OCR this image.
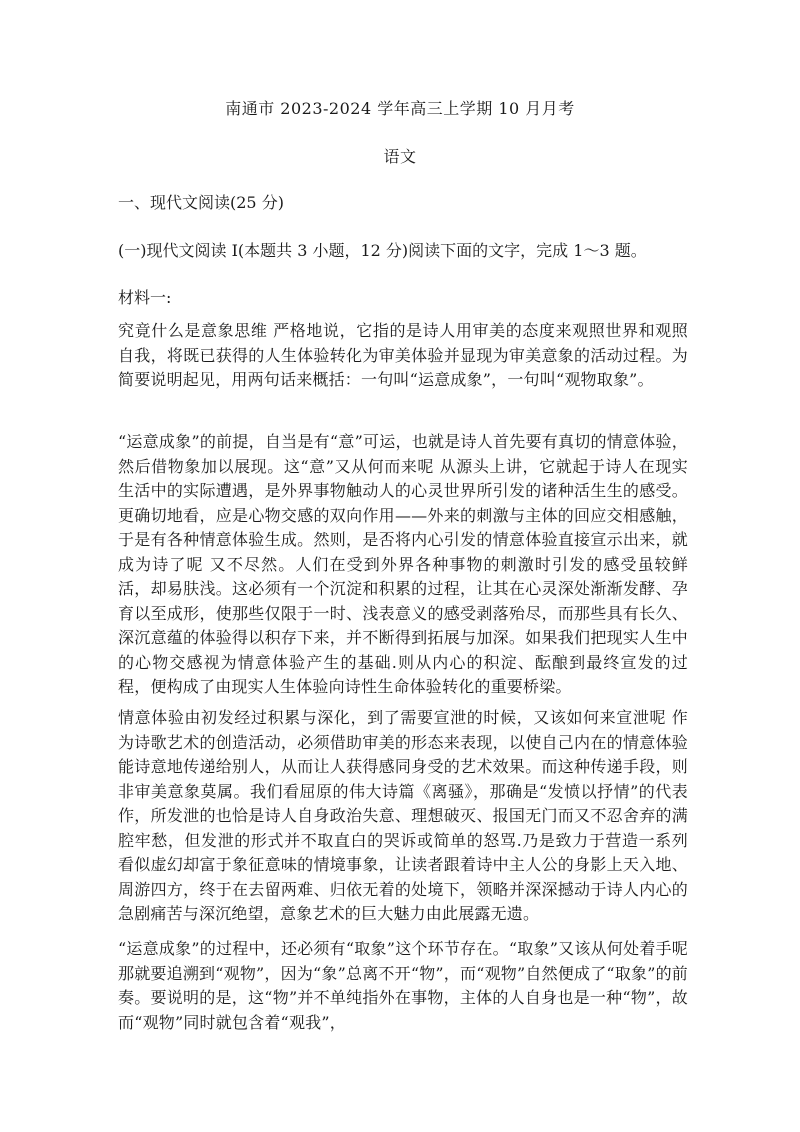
南通市 2023-2024 学年高三上学期 10 月月考
语文
一、现代文阅读(25 分)
(一)现代文阅读 I(本题共 3 小题，12 分)阅读下面的文字，完成 1～3 题。
材料一:
究竟什么是意象思维 严格地说，它指的是诗人用审美的态度来观照世界和观照自我，将既已获得的人生体验转化为审美体验并显现为审美意象的活动过程。为简要说明起见，用两句话来概括：一句叫“运意成象”，一句叫“观物取象”。
“运意成象”的前提，自当是有“意”可运，也就是诗人首先要有真切的情意体验，然后借物象加以展现。这“意”又从何而来呢 从源头上讲，它就起于诗人在现实生活中的实际遭遇，是外界事物触动人的心灵世界所引发的诸种活生生的感受。更确切地看，应是心物交感的双向作用——外来的刺激与主体的回应交相感触，于是有各种情意体验生成。然则，是否将内心引发的情意体验直接宣示出来，就成为诗了呢 又不尽然。人们在受到外界各种事物的刺激时引发的感受虽较鲜活，却易肤浅。这必须有一个沉淀和积累的过程，让其在心灵深处渐渐发酵、孕育以至成形，使那些仅限于一时、浅表意义的感受剥落殆尽，而那些具有长久、深沉意蕴的体验得以积存下来，并不断得到拓展与加深。如果我们把现实人生中的心物交感视为情意体验产生的基础.则从内心的积淀、酝酿到最终宣发的过程，便构成了由现实人生体验向诗性生命体验转化的重要桥梁。
情意体验由初发经过积累与深化，到了需要宣泄的时候，又该如何来宣泄呢 作为诗歌艺术的创造活动，必须借助审美的形态来表现，以使自己内在的情意体验能诗意地传递给别人，从而让人获得感同身受的艺术效果。而这种传递手段，则非审美意象莫属。我们看屈原的伟大诗篇《离骚》，那确是“发愤以抒情”的代表作，所发泄的也恰是诗人自身政治失意、理想破灭、报国无门而又不忍舍弃的满腔牢愁，但发泄的形式并不取直白的哭诉或简单的怒骂.乃是致力于营造一系列看似虚幻却富于象征意味的情境事象，让读者跟着诗中主人公的身影上天入地、周游四方，终于在去留两难、归依无着的处境下，领略并深深撼动于诗人内心的急剧痛苦与深沉绝望，意象艺术的巨大魅力由此展露无遗。
“运意成象”的过程中，还必须有“取象”这个环节存在。“取象”又该从何处着手呢 那就要追溯到“观物”，因为“象”总离不开“物”，而“观物”自然便成了“取象”的前奏。要说明的是，这“物”并不单纯指外在事物，主体的人自身也是一种“物”，故而“观物”同时就包含着“观我”，
